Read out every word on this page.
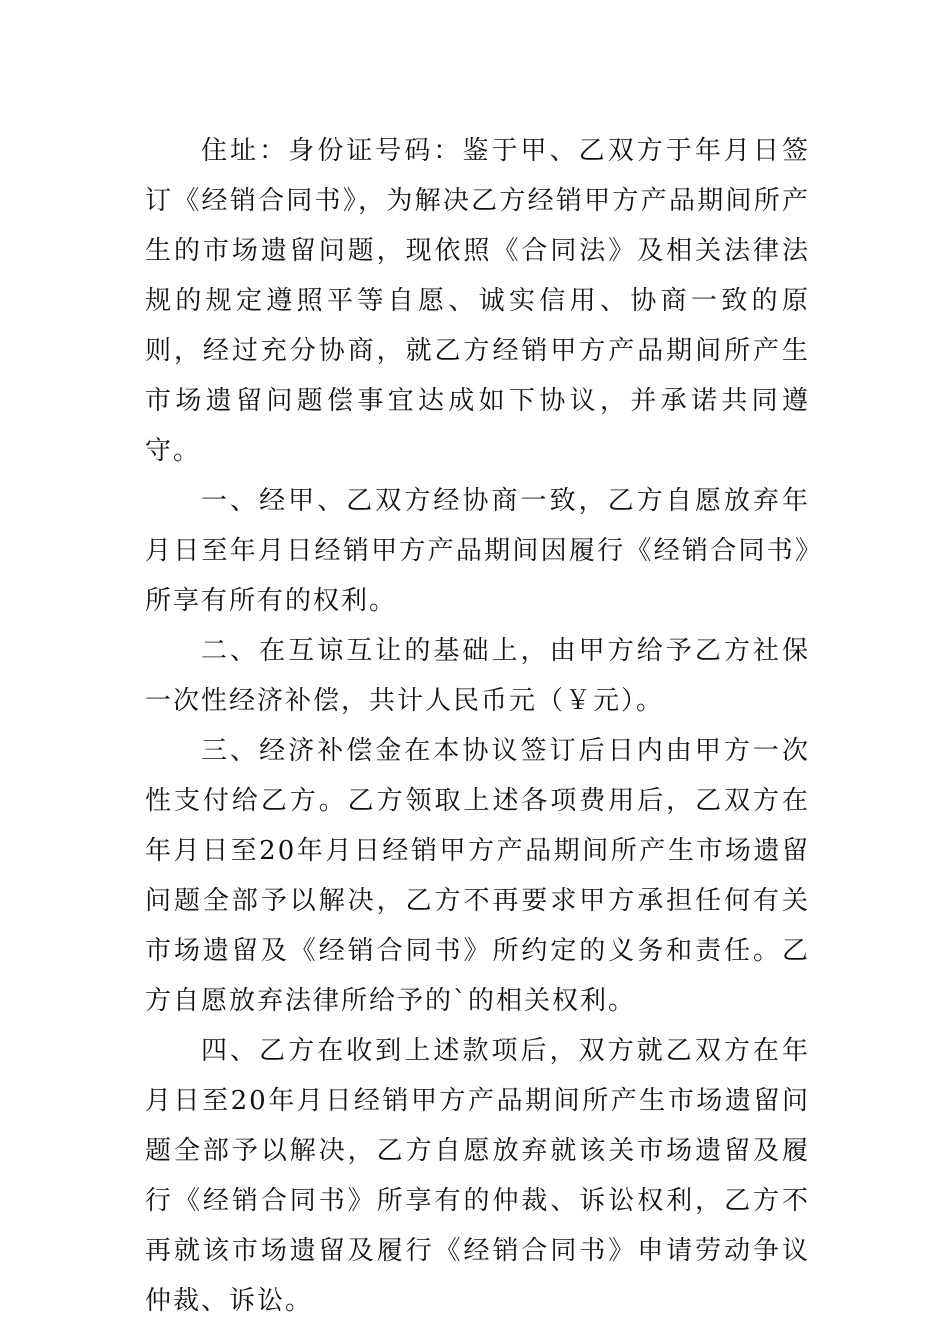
住址：身份证号码：鉴于甲、乙双方于年月日签订《经销合同书》，为解决乙方经销甲方产品期间所产生的市场遗留问题，现依照《合同法》及相关法律法规的规定遵照平等自愿、诚实信用、协商一致的原则，经过充分协商，就乙方经销甲方产品期间所产生市场遗留问题偿事宜达成如下协议，并承诺共同遵守。

一、经甲、乙双方经协商一致，乙方自愿放弃年月日至年月日经销甲方产品期间因履行《经销合同书》所享有所有的权利。

二、在互谅互让的基础上，由甲方给予乙方社保一次性经济补偿，共计人民币元（￥元）。

三、经济补偿金在本协议签订后日内由甲方一次性支付给乙方。乙方领取上述各项费用后，乙双方在年月日至20年月日经销甲方产品期间所产生市场遗留问题全部予以解决，乙方不再要求甲方承担任何有关市场遗留及《经销合同书》所约定的义务和责任。乙方自愿放弃法律所给予的`的相关权利。

四、乙方在收到上述款项后，双方就乙双方在年月日至20年月日经销甲方产品期间所产生市场遗留问题全部予以解决，乙方自愿放弃就该关市场遗留及履行《经销合同书》所享有的仲裁、诉讼权利，乙方不再就该市场遗留及履行《经销合同书》申请劳动争议仲裁、诉讼。
